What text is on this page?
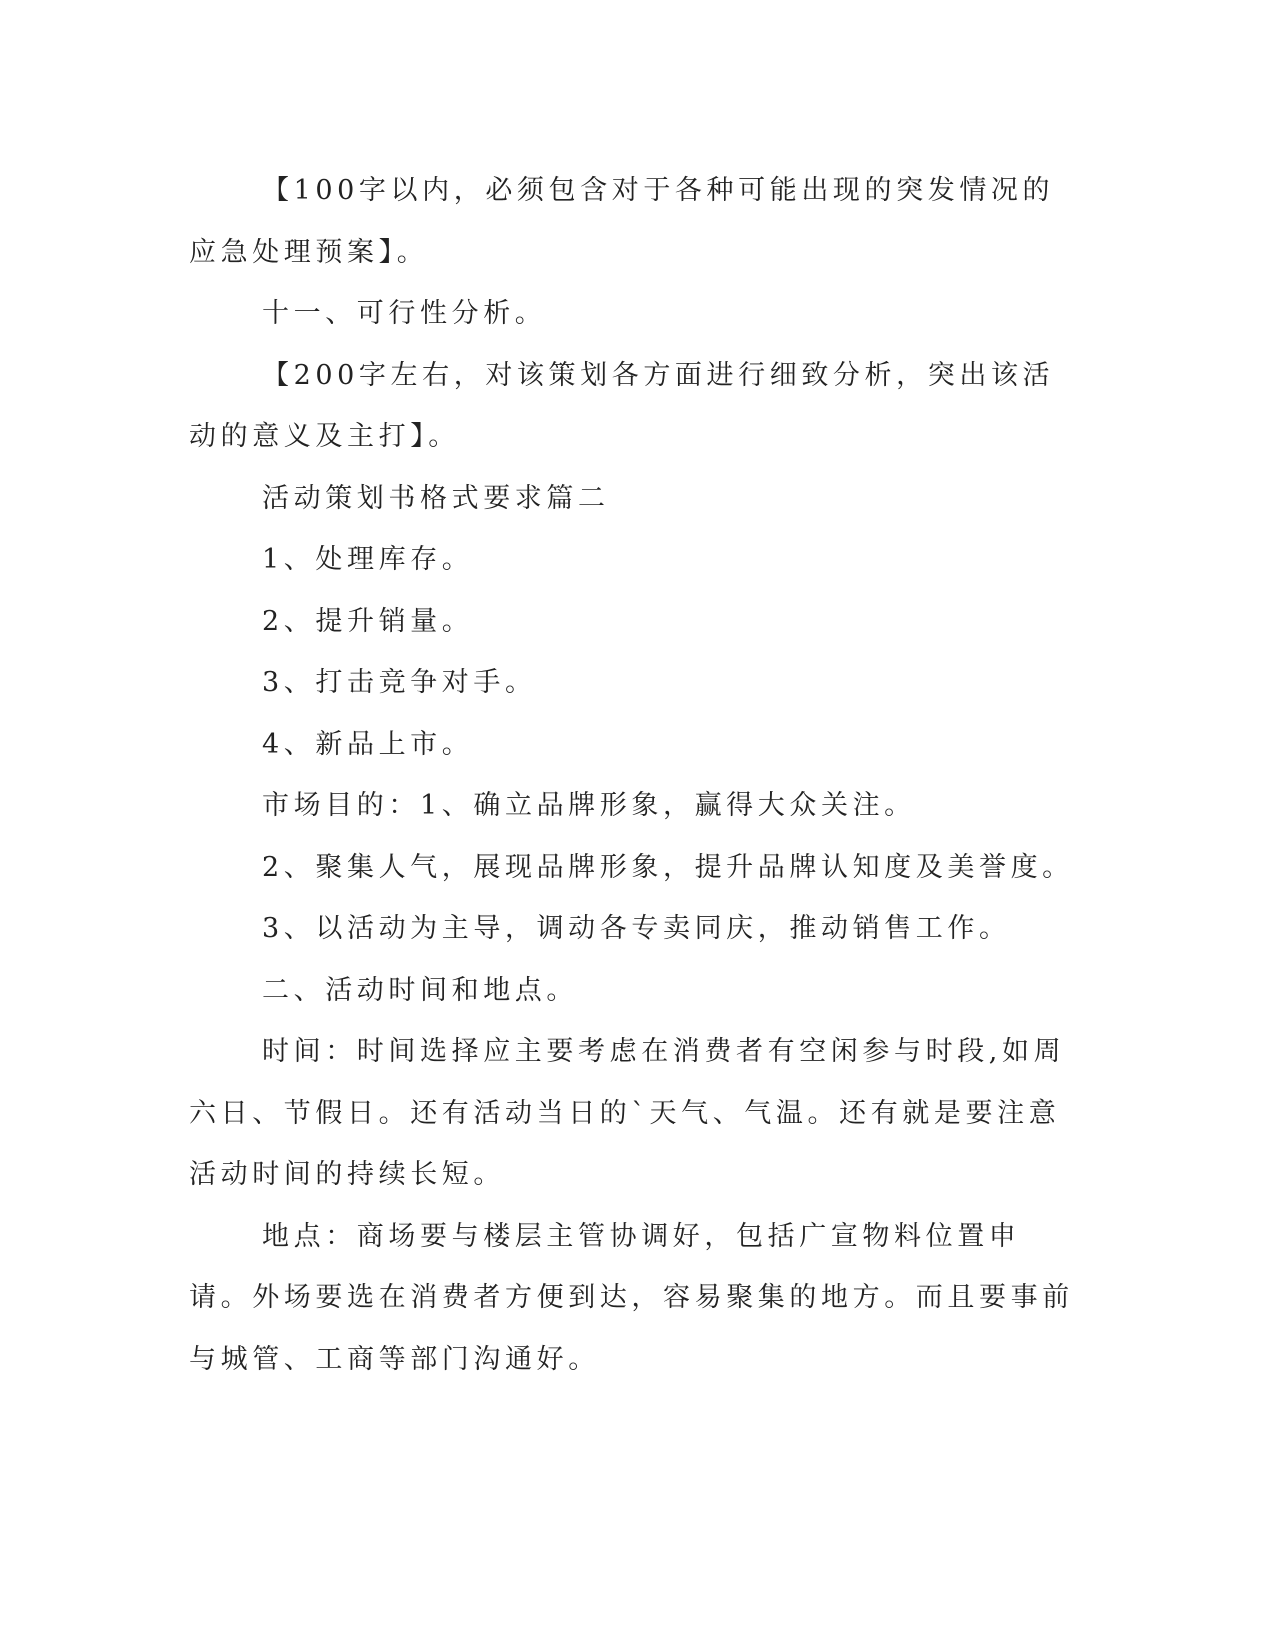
【100字以内，必须包含对于各种可能出现的突发情况的应急处理预案】。

十一、可行性分析。

【200字左右，对该策划各方面进行细致分析，突出该活动的意义及主打】。

活动策划书格式要求篇二

1、处理库存。

2、提升销量。

3、打击竞争对手。

4、新品上市。

市场目的：1、确立品牌形象，赢得大众关注。

2、聚集人气，展现品牌形象，提升品牌认知度及美誉度。

3、以活动为主导，调动各专卖同庆，推动销售工作。

二、活动时间和地点。

时间：时间选择应主要考虑在消费者有空闲参与时段,如周六日、节假日。还有活动当日的`天气、气温。还有就是要注意活动时间的持续长短。

地点：商场要与楼层主管协调好，包括广宣物料位置申请。外场要选在消费者方便到达，容易聚集的地方。而且要事前与城管、工商等部门沟通好。
